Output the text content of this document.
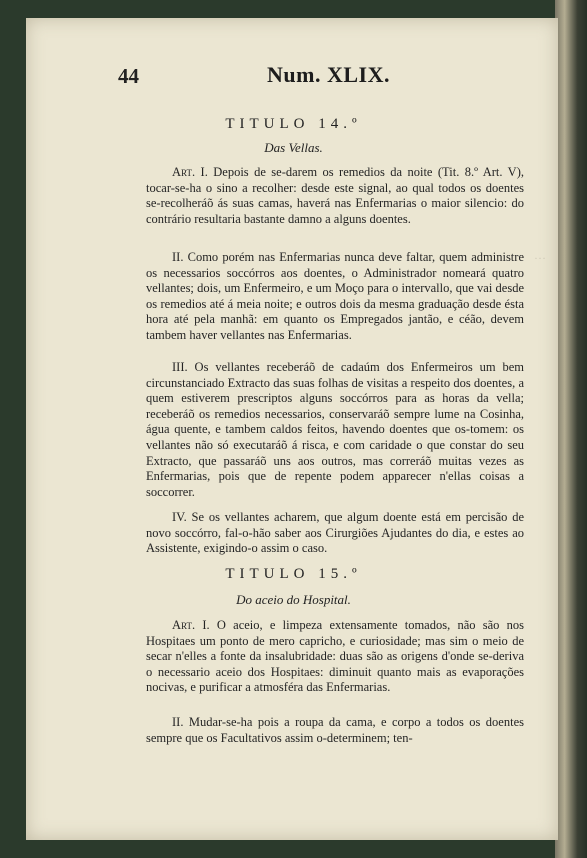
…
44	Num. XLIX.
TITULO 14.º
Das Vellas.

Art. I. Depois de se-darem os remedios da noite (Tit. 8.º Art. V), tocar-se-ha o sino a recolher: desde este signal, ao qual todos os doentes se-recolheráõ ás suas camas, haverá nas Enfermarias o maior silencio: do contrário resultaria bastante damno a alguns doentes.

II. Como porém nas Enfermarias nunca deve faltar, quem administre os necessarios soccórros aos doentes, o Administrador nomeará quatro vellantes; dois, um Enfermeiro, e um Moço para o intervallo, que vai desde os remedios até á meia noite; e outros dois da mesma graduação desde ésta hora até pela manhã: em quanto os Empregados jantão, e céão, devem tambem haver vellantes nas Enfermarias.

III. Os vellantes receberáõ de cadaúm dos Enfermeiros um bem circunstanciado Extracto das suas folhas de visitas a respeito dos doentes, a quem estiverem prescriptos alguns soccórros para as horas da vella; receberáõ os remedios necessarios, conservaráõ sempre lume na Cosinha, água quente, e tambem caldos feitos, havendo doentes que os-tomem: os vellantes não só executaráõ á risca, e com caridade o que constar do seu Extracto, que passaráõ uns aos outros, mas correráõ muitas vezes as Enfermarias, pois que de repente podem apparecer n'ellas coisas a soccorrer.

IV. Se os vellantes acharem, que algum doente está em percisão de novo soccórro, fal-o-hão saber aos Cirurgiões Ajudantes do dia, e estes ao Assistente, exigindo-o assim o caso.

TITULO 15.º
Do aceio do Hospital.

Art. I. O aceio, e limpeza extensamente tomados, não são nos Hospitaes um ponto de mero capricho, e curiosidade; mas sim o meio de secar n'elles a fonte da insalubridade: duas são as origens d'onde se-deriva o necessario aceio dos Hospitaes: diminuit quanto mais as evaporações nocivas, e purificar a atmosféra das Enfermarias.

II. Mudar-se-ha pois a roupa da cama, e corpo a todos os doentes sempre que os Facultativos assim o-determinem; ten-
